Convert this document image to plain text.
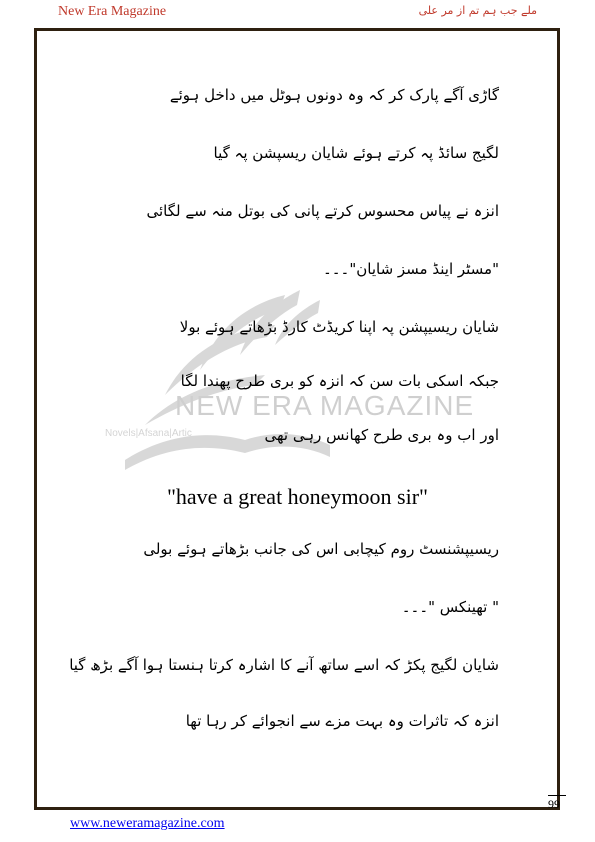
New Era Magazine	ملے جب ہم تم از مر علی
NEW ERA MAGAZINE
Novels|Afsana|Artic
گاڑی آگے پارک کر کہ وہ دونوں ہوٹل میں داخل ہوئے
لگیج سائڈ پہ کرتے ہوئے شایان ریسپشن پہ گیا
انزہ نے پیاس محسوس کرتے پانی کی بوتل منہ سے لگائی
"مسٹر اینڈ مسز شایان"۔۔۔
شایان ریسیپشن پہ اپنا کریڈٹ کارڈ بڑھاتے ہوئے بولا
جبکہ اسکی بات سن کہ انزہ کو بری طرح پھندا لگا
اور اب وہ بری طرح کھانس رہی تھی
"have a great honeymoon sir"
ریسیپشنسٹ روم کیچابی اس کی جانب بڑھاتے ہوئے بولی
" تھینکس "۔۔۔
شایان لگیج پکڑ کہ اسے ساتھ آنے کا اشارہ کرتا ہنستا ہوا آگے بڑھ گیا
انزہ کہ تاثرات وہ بہت مزے سے انجوائے کر رہا تھا
99
www.neweramagazine.com
